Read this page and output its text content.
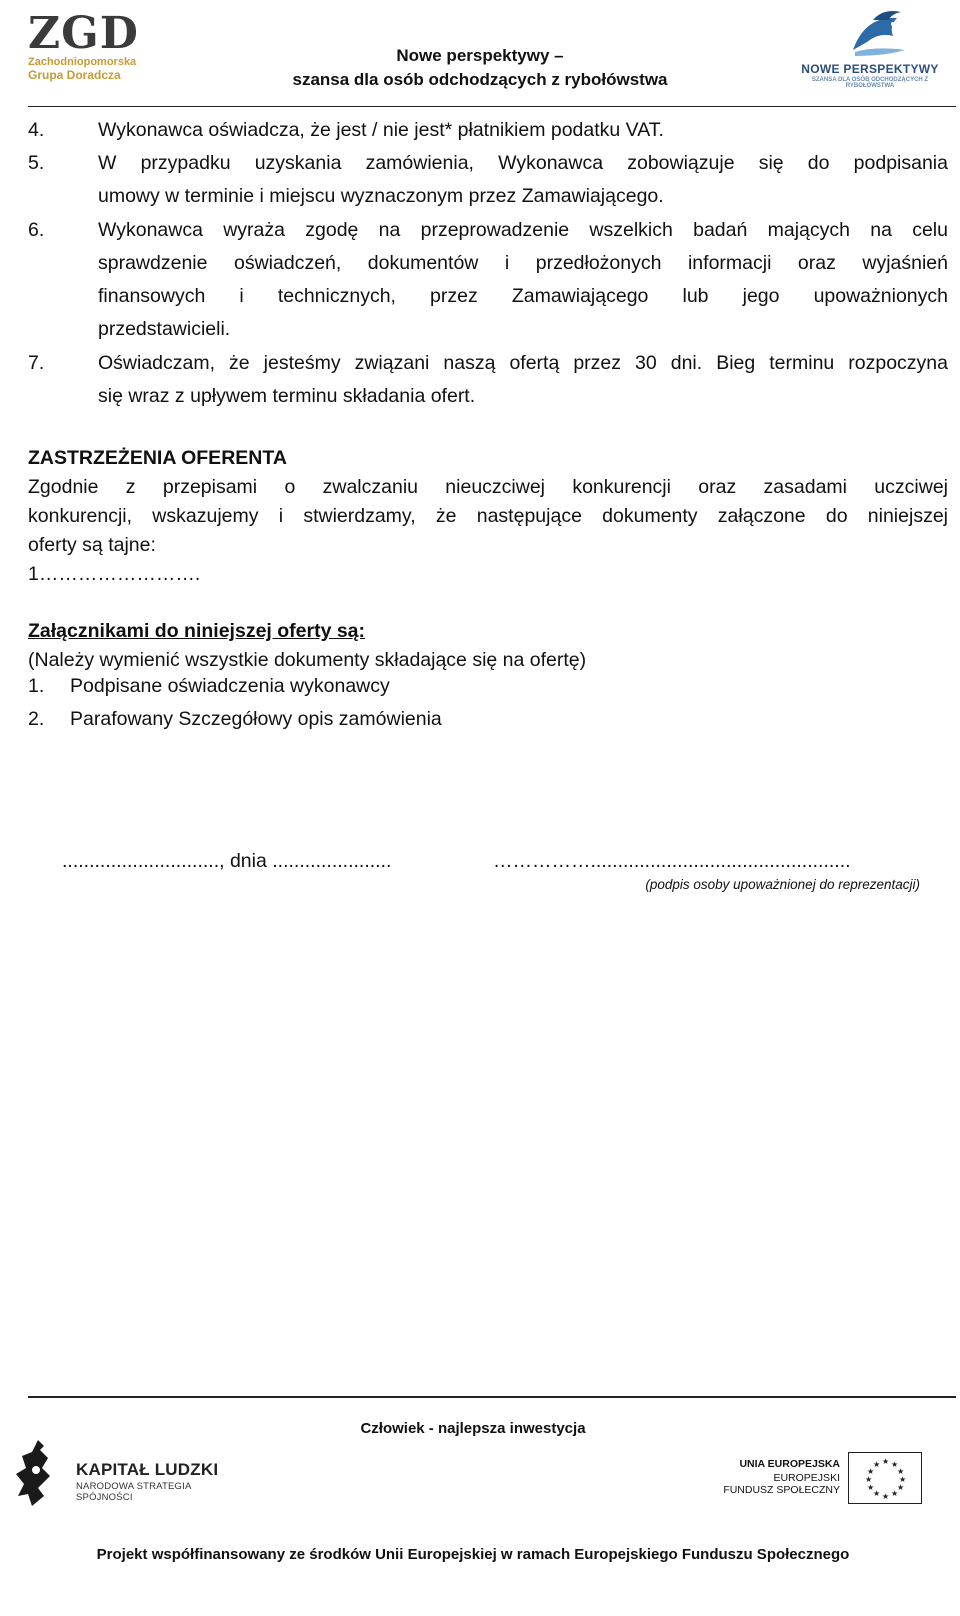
ZGD
Zachodniopomorska
Grupa Doradcza
Nowe perspektywy –
szansa dla osób odchodzących z rybołówstwa
NOWE PERSPEKTYWY
SZANSA DLA OSÓB ODCHODZĄCYCH Z RYBOŁÓWSTWA
4.	Wykonawca oświadcza, że jest / nie jest* płatnikiem podatku VAT.
5.	W przypadku uzyskania zamówienia, Wykonawca zobowiązuje się do podpisania
umowy w terminie i miejscu wyznaczonym przez Zamawiającego.
6.	Wykonawca wyraża zgodę na przeprowadzenie wszelkich badań mających na celu
sprawdzenie oświadczeń, dokumentów i przedłożonych informacji oraz wyjaśnień
finansowych i technicznych, przez Zamawiającego lub jego upoważnionych
przedstawicieli.
7.	Oświadczam, że jesteśmy związani naszą ofertą przez 30 dni. Bieg terminu rozpoczyna
się wraz z upływem terminu składania ofert.
ZASTRZEŻENIA OFERENTA
Zgodnie z przepisami o zwalczaniu nieuczciwej konkurencji oraz zasadami uczciwej
konkurencji, wskazujemy i stwierdzamy, że następujące dokumenty załączone do niniejszej
oferty są tajne:
1…………………….
Załącznikami do niniejszej oferty są:
(Należy wymienić wszystkie dokumenty składające się na ofertę)
1. Podpisane oświadczenia wykonawcy
2. Parafowany Szczegółowy opis zamówienia
............................., dnia ......................	……………................................................
(podpis osoby upoważnionej do reprezentacji)
Człowiek - najlepsza inwestycja
★
KAPITAŁ LUDZKI
NARODOWA STRATEGIA SPÓJNOŚCI
UNIA EUROPEJSKA
EUROPEJSKI
FUNDUSZ SPOŁECZNY
★ ★
★
★
★
★
★
★
★
★
★
★
Projekt współfinansowany ze środków Unii Europejskiej w ramach Europejskiego Funduszu Społecznego
